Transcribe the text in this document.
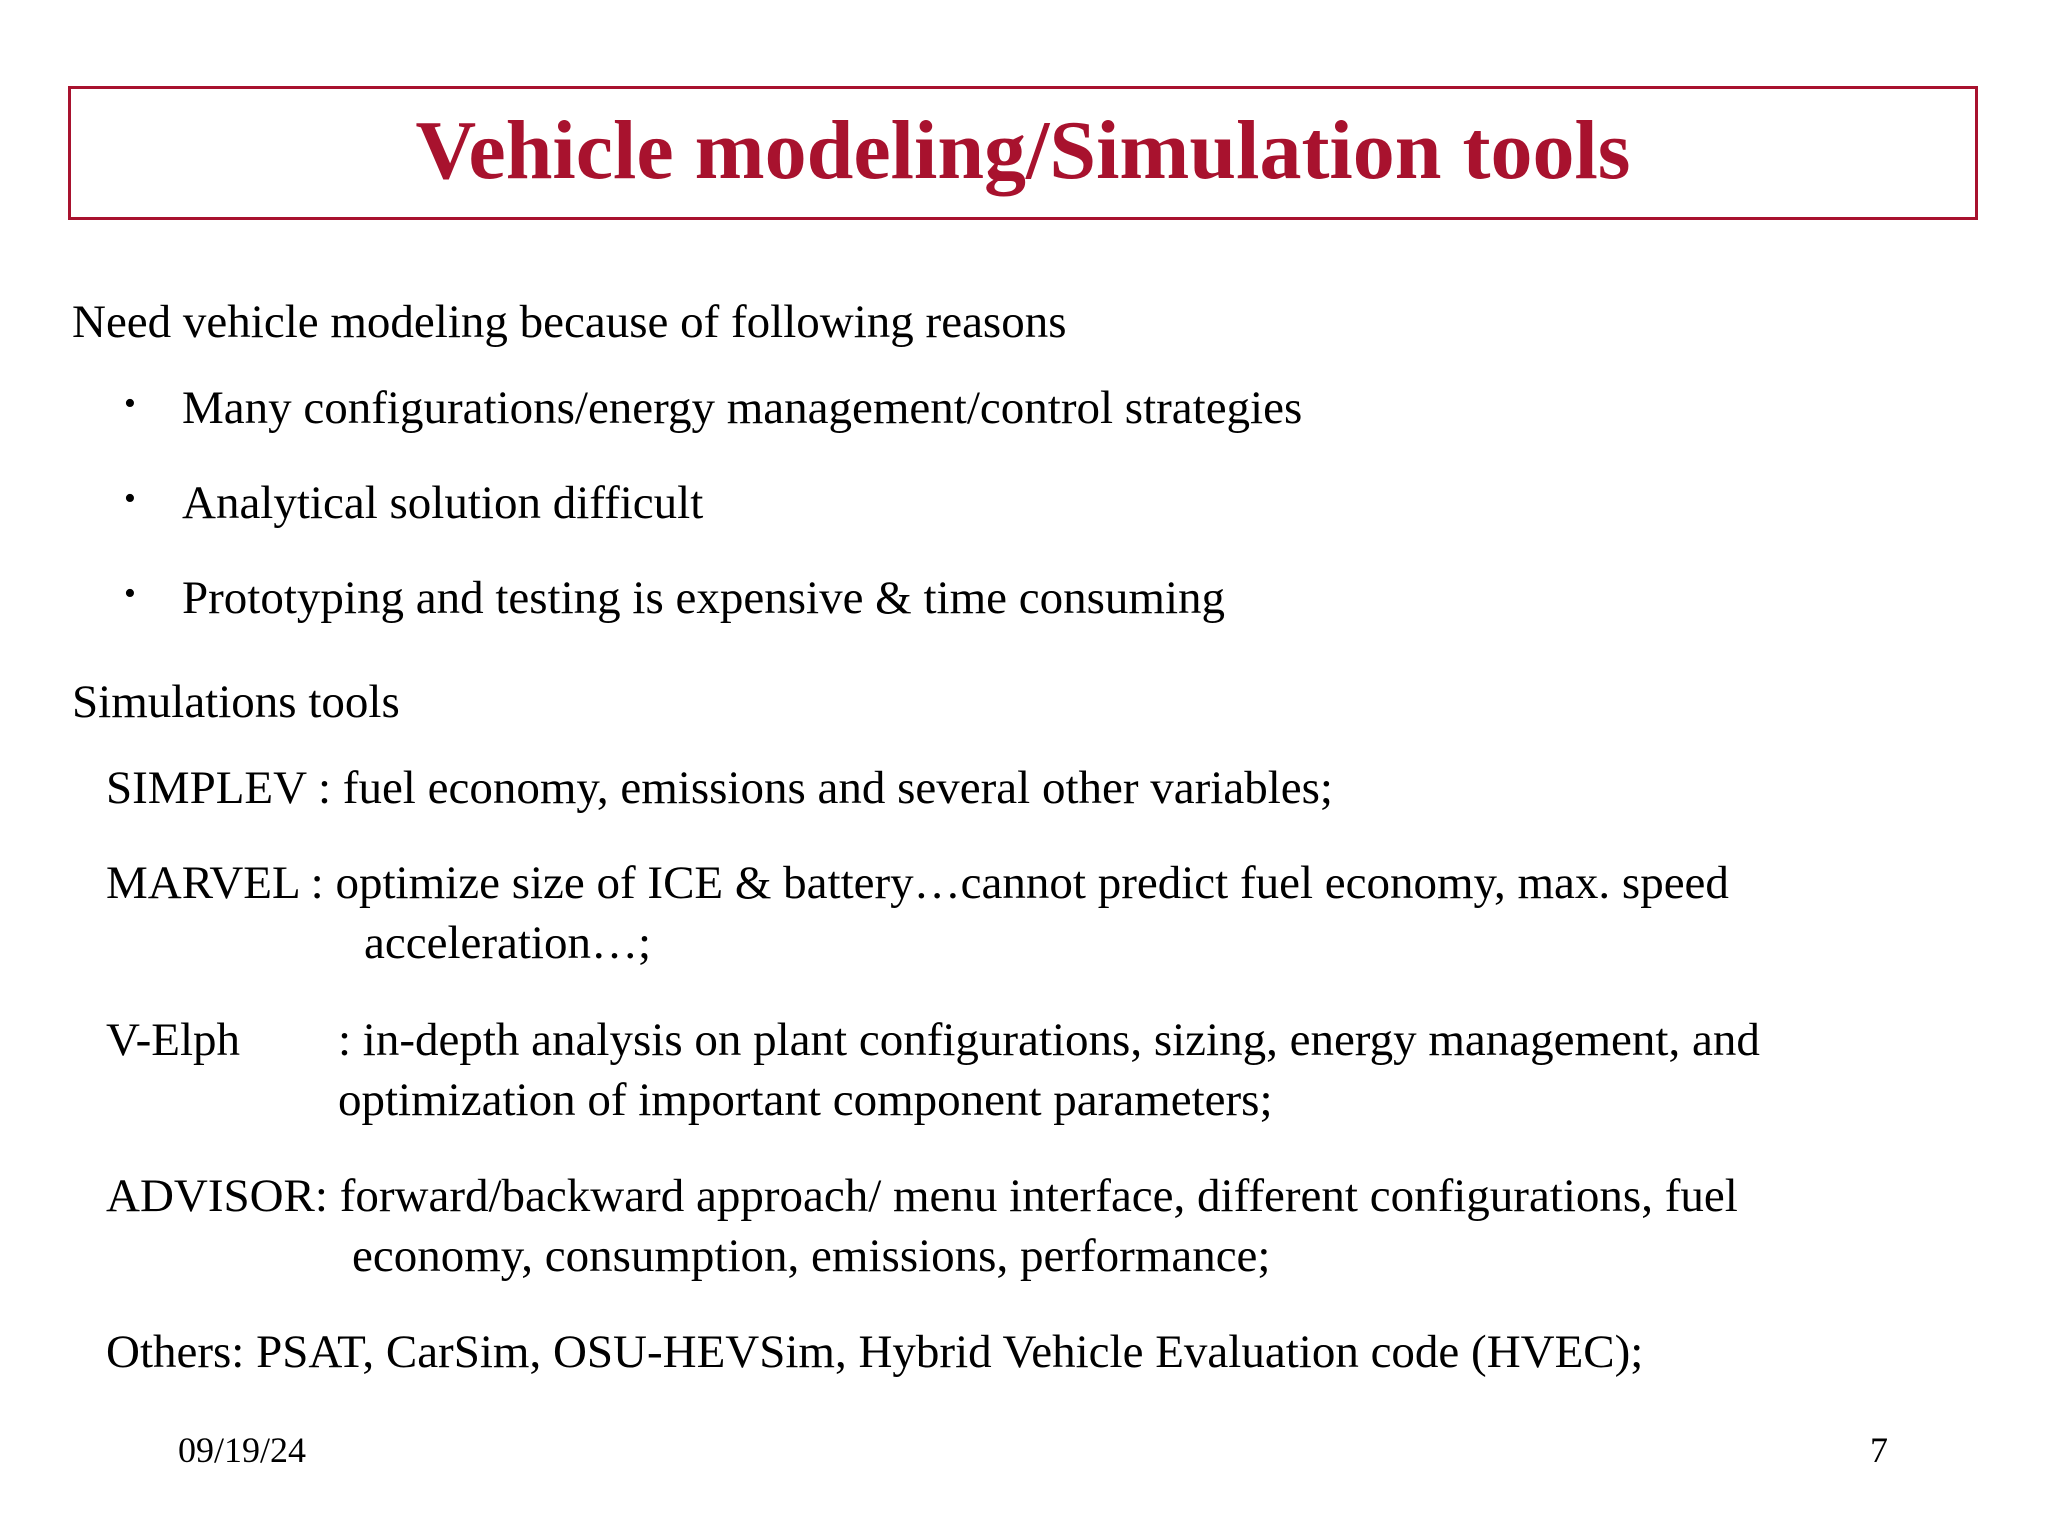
Vehicle modeling/Simulation tools
Need vehicle modeling because of following reasons
• Many configurations/energy management/control strategies
• Analytical solution difficult
• Prototyping and testing is expensive & time consuming
Simulations tools
SIMPLEV : fuel economy, emissions and several other variables;
MARVEL : optimize size of ICE & battery…cannot predict fuel economy, max. speed
acceleration…;
V-Elph : in-depth analysis on plant configurations, sizing, energy management, and
optimization of important component parameters;
ADVISOR: forward/backward approach/ menu interface, different configurations, fuel
economy, consumption, emissions, performance;
Others: PSAT, CarSim, OSU-HEVSim, Hybrid Vehicle Evaluation code (HVEC);
09/19/24	7
